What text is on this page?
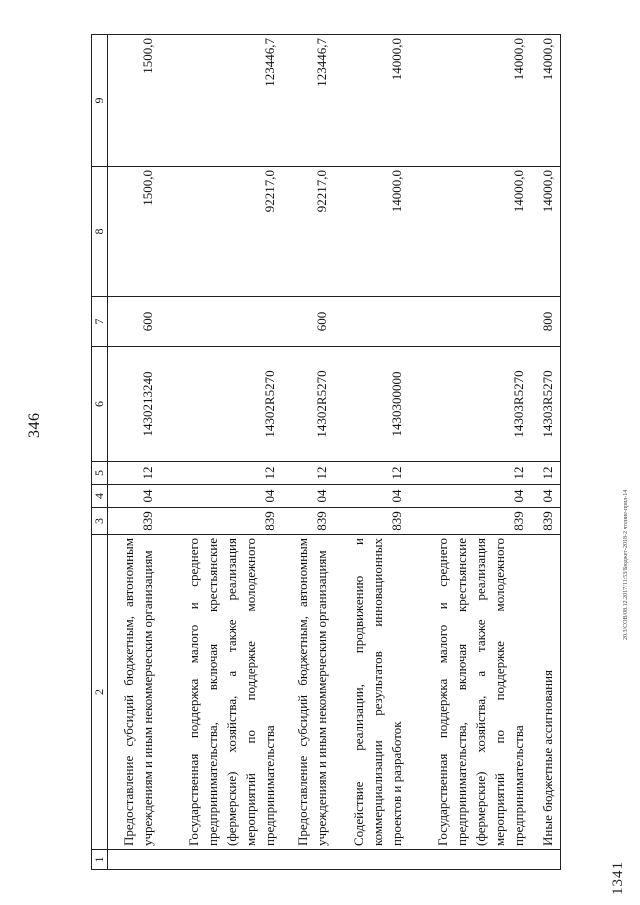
346
20.3/СОВ/08.12.2017/11:53/Бюджет-2018-2 чтение-прил-14
1341
1	2	3	4	5	6	7	8	9
	Предоставление субсидий бюджетным, автономным учреждениям и иным некоммерческим организациям	839	04	12	1430213240	600	1500,0	1500,0
	Государственная поддержка малого и среднего предпринимательства, включая крестьянские (фермерские) хозяйства, а также реализация мероприятий по поддержке молодежного предпринимательства	839	04	12	14302R5270		92217,0	123446,7
	Предоставление субсидий бюджетным, автономным учреждениям и иным некоммерческим организациям	839	04	12	14302R5270	600	92217,0	123446,7
	Содействие реализации, продвижению и коммерциализации результатов инновационных проектов и разработок	839	04	12	1430300000		14000,0	14000,0
	Государственная поддержка малого и среднего предпринимательства, включая крестьянские (фермерские) хозяйства, а также реализация мероприятий по поддержке молодежного предпринимательства	839	04	12	14303R5270		14000,0	14000,0
	Иные бюджетные ассигнования	839	04	12	14303R5270	800	14000,0	14000,0
